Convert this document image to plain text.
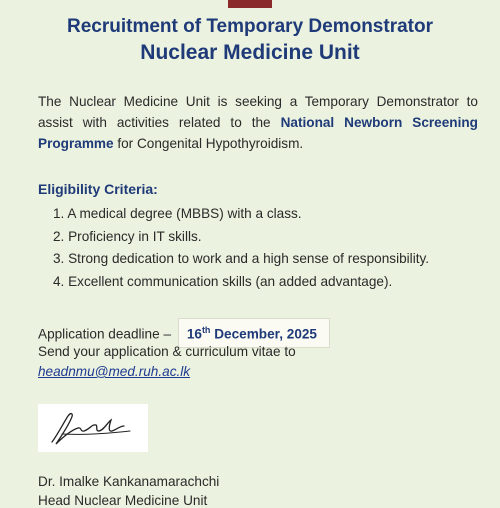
Recruitment of Temporary Demonstrator
Nuclear Medicine Unit

The Nuclear Medicine Unit is seeking a Temporary Demonstrator to assist with activities related to the National Newborn Screening Programme for Congenital Hypothyroidism.

Eligibility Criteria:
1. A medical degree (MBBS) with a class.
2. Proficiency in IT skills.
3. Strong dedication to work and a high sense of responsibility.
4. Excellent communication skills (an added advantage).

Application deadline – 16th December, 2025

Send your application & curriculum vitae to

headnmu@med.ruh.ac.lk

Dr. Imalke Kankanamarachchi

Head Nuclear Medicine Unit
